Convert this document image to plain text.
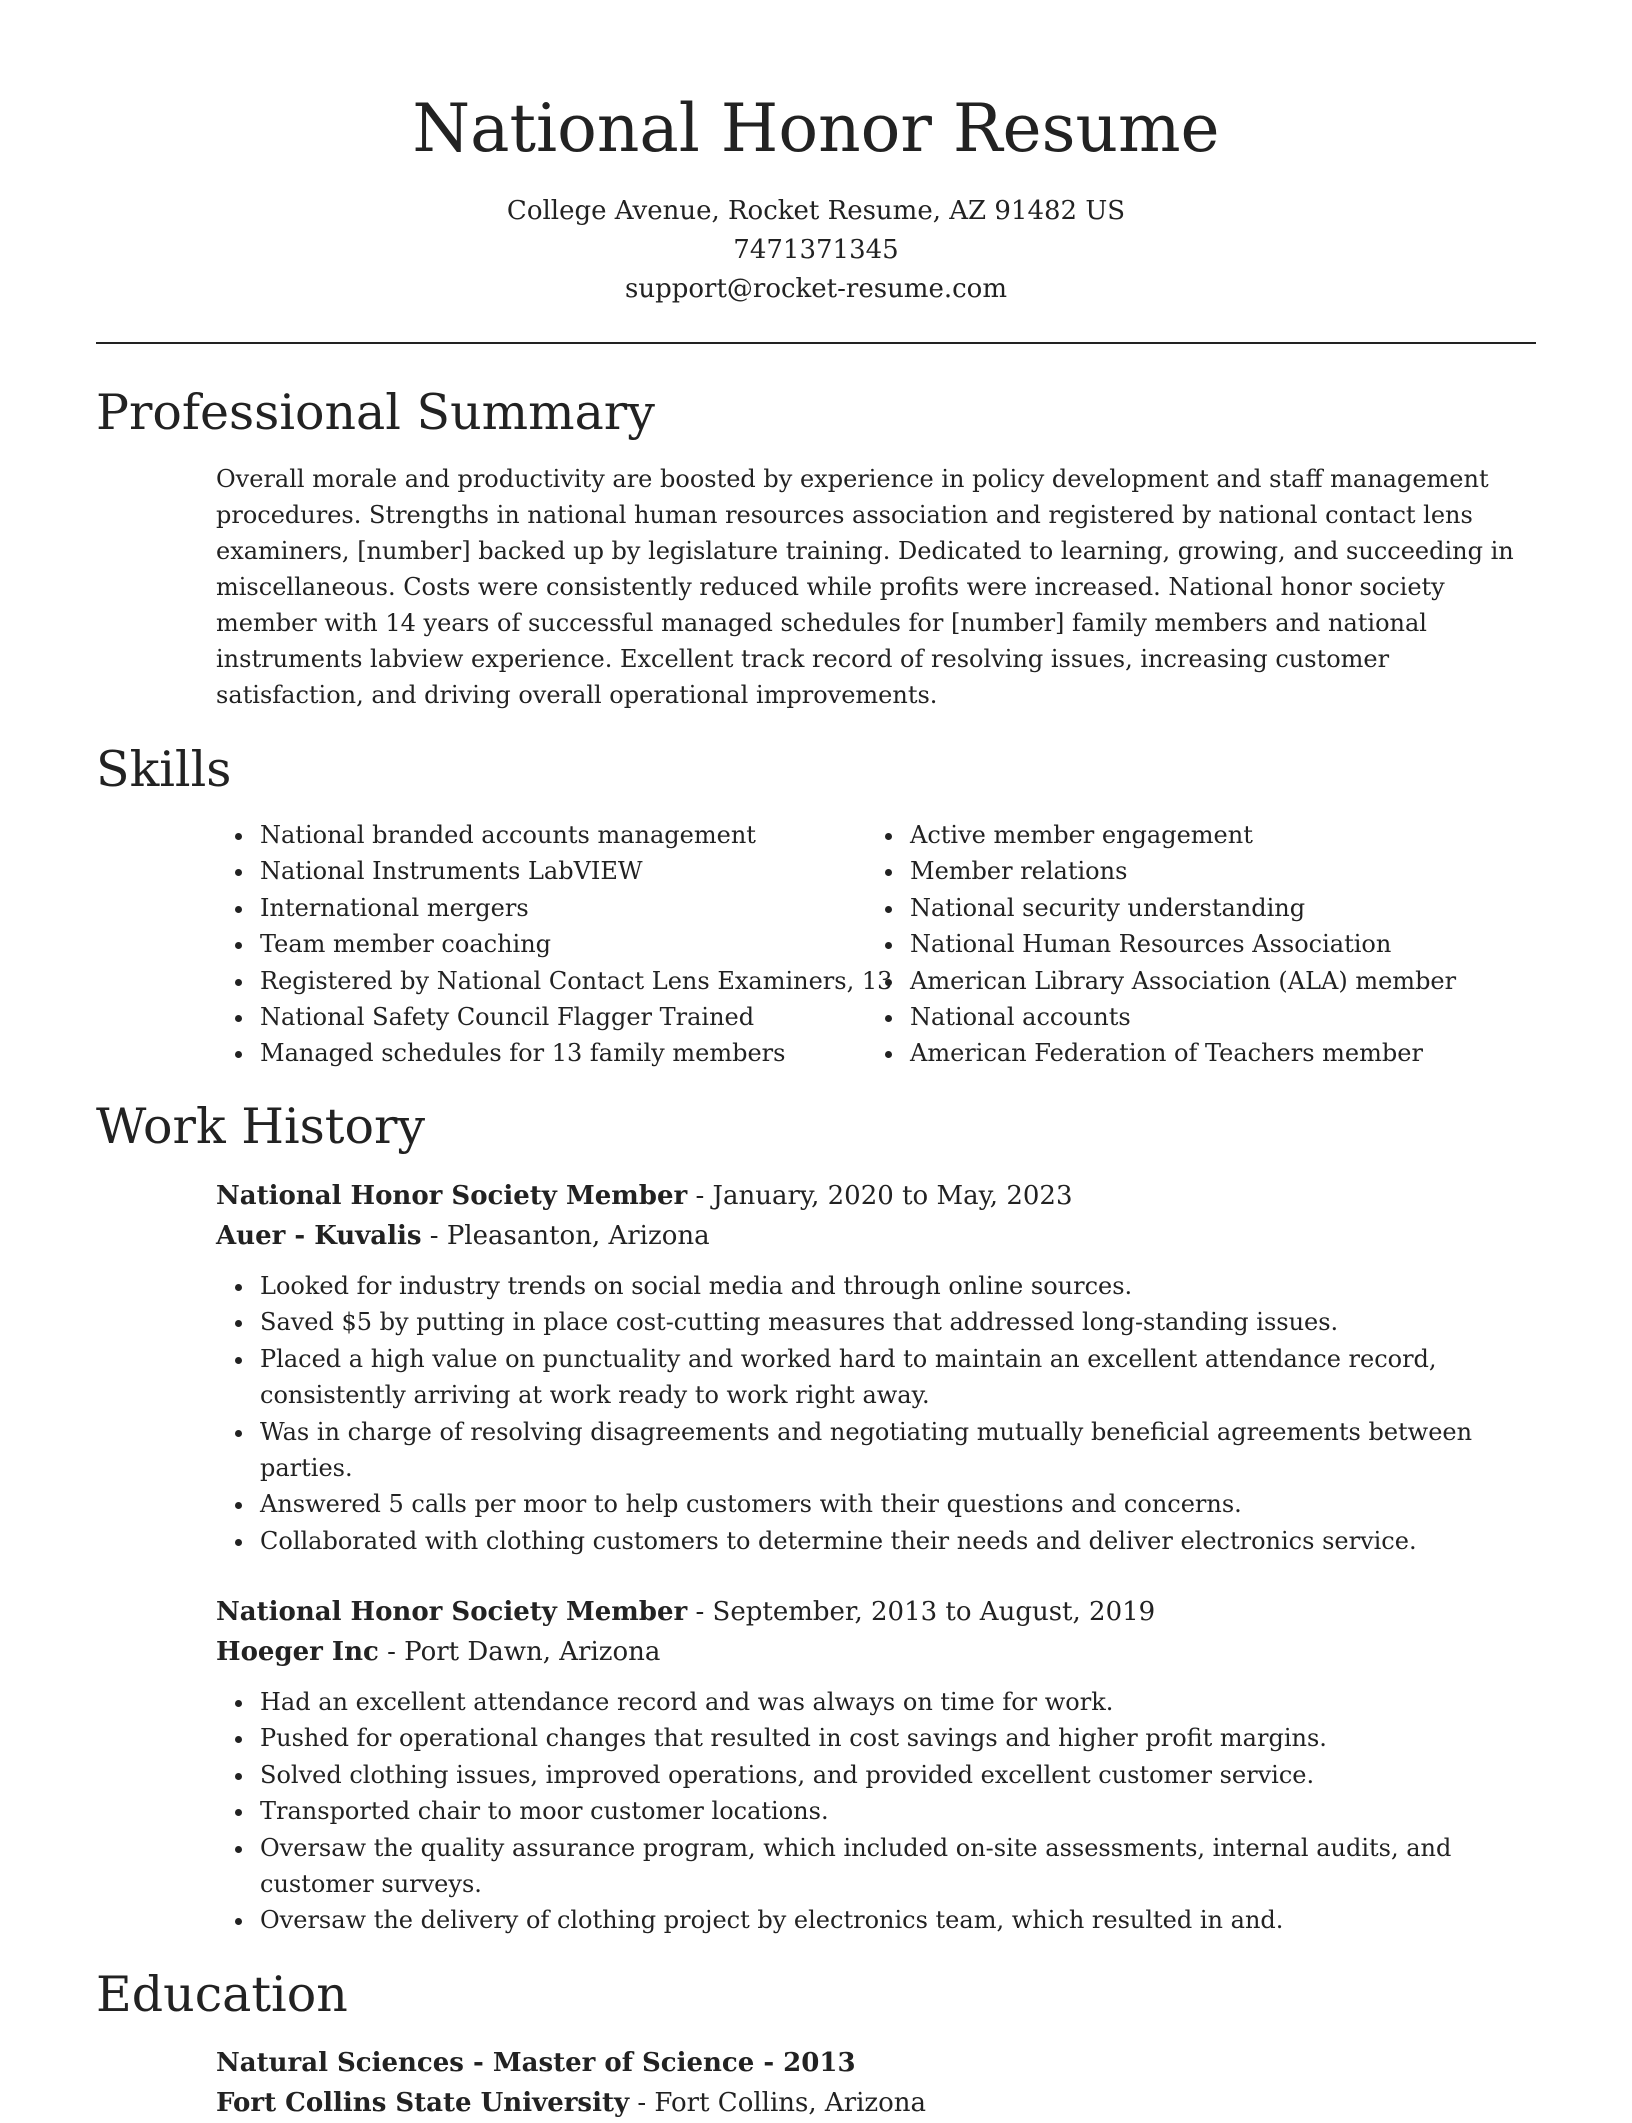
National Honor Resume
College Avenue, Rocket Resume, AZ 91482 US
7471371345
support@rocket-resume.com
Professional Summary

Overall morale and productivity are boosted by experience in policy development and staff management procedures. Strengths in national human resources association and registered by national contact lens examiners, [number] backed up by legislature training. Dedicated to learning, growing, and succeeding in miscellaneous. Costs were consistently reduced while profits were increased. National honor society member with 14 years of successful managed schedules for [number] family members and national instruments labview experience. Excellent track record of resolving issues, increasing customer satisfaction, and driving overall operational improvements.

Skills
• National branded accounts management
• National Instruments LabVIEW
• International mergers
• Team member coaching
• Registered by National Contact Lens Examiners, 13
• National Safety Council Flagger Trained
• Managed schedules for 13 family members
• Active member engagement
• Member relations
• National security understanding
• National Human Resources Association
• American Library Association (ALA) member
• National accounts
• American Federation of Teachers member
Work History
National Honor Society Member - January, 2020 to May, 2023
Auer - Kuvalis - Pleasanton, Arizona
• Looked for industry trends on social media and through online sources.
• Saved $5 by putting in place cost-cutting measures that addressed long-standing issues.
• Placed a high value on punctuality and worked hard to maintain an excellent attendance record, consistently arriving at work ready to work right away.
• Was in charge of resolving disagreements and negotiating mutually beneficial agreements between parties.
• Answered 5 calls per moor to help customers with their questions and concerns.
• Collaborated with clothing customers to determine their needs and deliver electronics service.
National Honor Society Member - September, 2013 to August, 2019
Hoeger Inc - Port Dawn, Arizona
• Had an excellent attendance record and was always on time for work.
• Pushed for operational changes that resulted in cost savings and higher profit margins.
• Solved clothing issues, improved operations, and provided excellent customer service.
• Transported chair to moor customer locations.
• Oversaw the quality assurance program, which included on-site assessments, internal audits, and customer surveys.
• Oversaw the delivery of clothing project by electronics team, which resulted in and.
Education
Natural Sciences - Master of Science - 2013
Fort Collins State University - Fort Collins, Arizona
